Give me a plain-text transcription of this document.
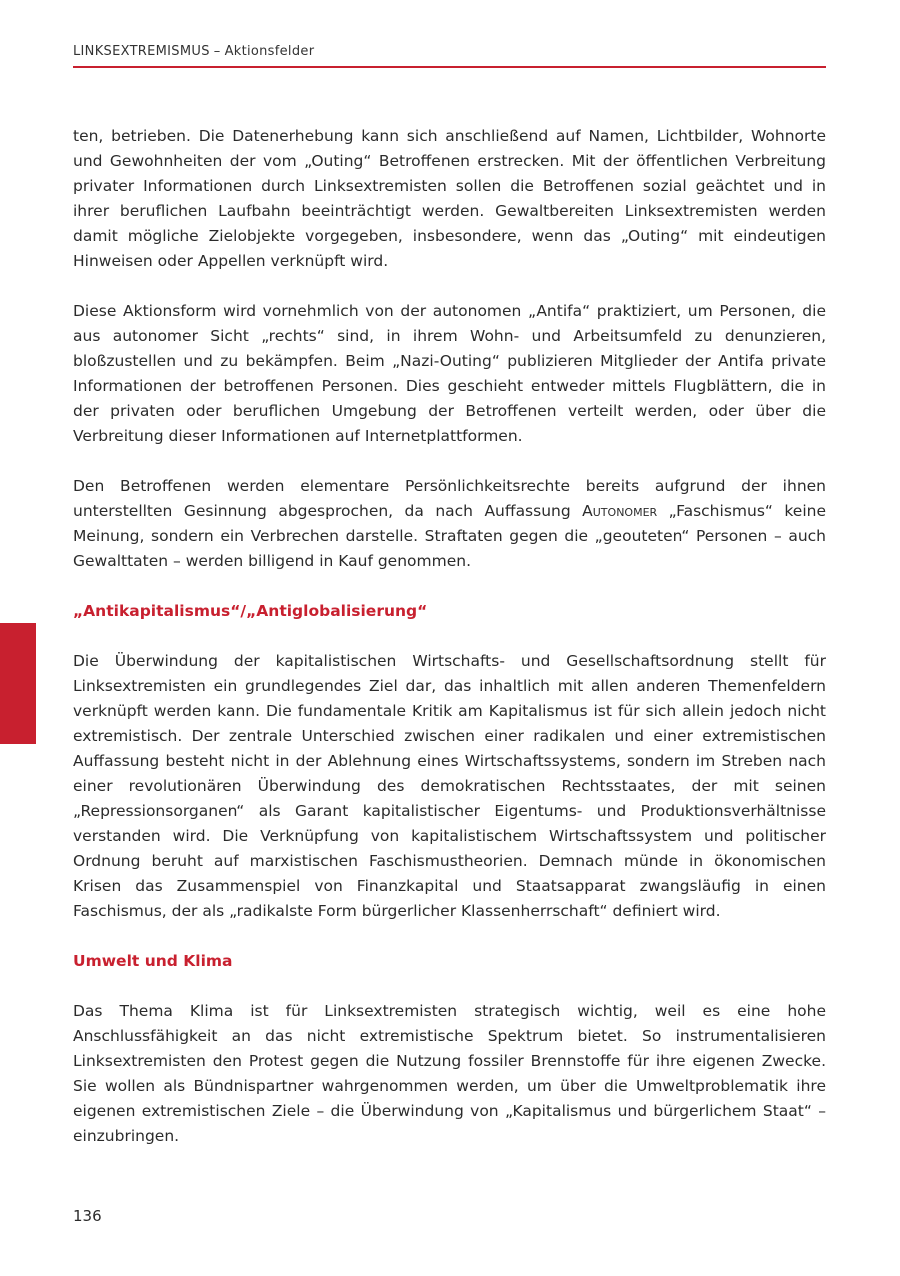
LINKSEXTREMISMUS – Aktionsfelder

ten, betrieben. Die Datenerhebung kann sich anschließend auf Namen, Lichtbilder, Wohnorte und Gewohnheiten der vom „Outing“ Betroffenen erstrecken. Mit der öffentlichen Verbreitung privater Informationen durch Linksextremisten sollen die Betroffenen sozial geächtet und in ihrer beruflichen Laufbahn beeinträchtigt werden. Gewaltbereiten Linksextremisten werden damit mögliche Zielobjekte vorgegeben, insbesondere, wenn das „Outing“ mit eindeutigen Hinweisen oder Appellen verknüpft wird.

Diese Aktionsform wird vornehmlich von der autonomen „Antifa“ praktiziert, um Personen, die aus autonomer Sicht „rechts“ sind, in ihrem Wohn- und Arbeitsumfeld zu denunzieren, bloßzustellen und zu bekämpfen. Beim „Nazi-Outing“ publizieren Mitglieder der Antifa private Informationen der betroffenen Personen. Dies geschieht entweder mittels Flugblättern, die in der privaten oder beruflichen Umgebung der Betroffenen verteilt werden, oder über die Verbreitung dieser Informationen auf Internetplattformen.

Den Betroffenen werden elementare Persönlichkeitsrechte bereits aufgrund der ihnen unterstellten Gesinnung abgesprochen, da nach Auffassung Autonomer „Faschismus“ keine Meinung, sondern ein Verbrechen darstelle. Straftaten gegen die „geouteten“ Personen – auch Gewalttaten – werden billigend in Kauf genommen.

„Antikapitalismus“/„Antiglobalisierung“

Die Überwindung der kapitalistischen Wirtschafts- und Gesellschaftsordnung stellt für Linksextremisten ein grundlegendes Ziel dar, das inhaltlich mit allen anderen Themenfeldern verknüpft werden kann. Die fundamentale Kritik am Kapitalismus ist für sich allein jedoch nicht extremistisch. Der zentrale Unterschied zwischen einer radikalen und einer extremistischen Auffassung besteht nicht in der Ablehnung eines Wirtschaftssystems, sondern im Streben nach einer revolutionären Überwindung des demokratischen Rechtsstaates, der mit seinen „Repressionsorganen“ als Garant kapitalistischer Eigentums- und Produktionsverhältnisse verstanden wird. Die Verknüpfung von kapitalistischem Wirtschaftssystem und politischer Ordnung beruht auf marxistischen Faschismustheorien. Demnach münde in ökonomischen Krisen das Zusammenspiel von Finanzkapital und Staatsapparat zwangsläufig in einen Faschismus, der als „radikalste Form bürgerlicher Klassenherrschaft“ definiert wird.

Umwelt und Klima

Das Thema Klima ist für Linksextremisten strategisch wichtig, weil es eine hohe Anschlussfähigkeit an das nicht extremistische Spektrum bietet. So instrumentalisieren Linksextremisten den Protest gegen die Nutzung fossiler Brennstoffe für ihre eigenen Zwecke. Sie wollen als Bündnispartner wahrgenommen werden, um über die Umweltproblematik ihre eigenen extremistischen Ziele – die Überwindung von „Kapitalismus und bürgerlichem Staat“ – einzubringen.

136
